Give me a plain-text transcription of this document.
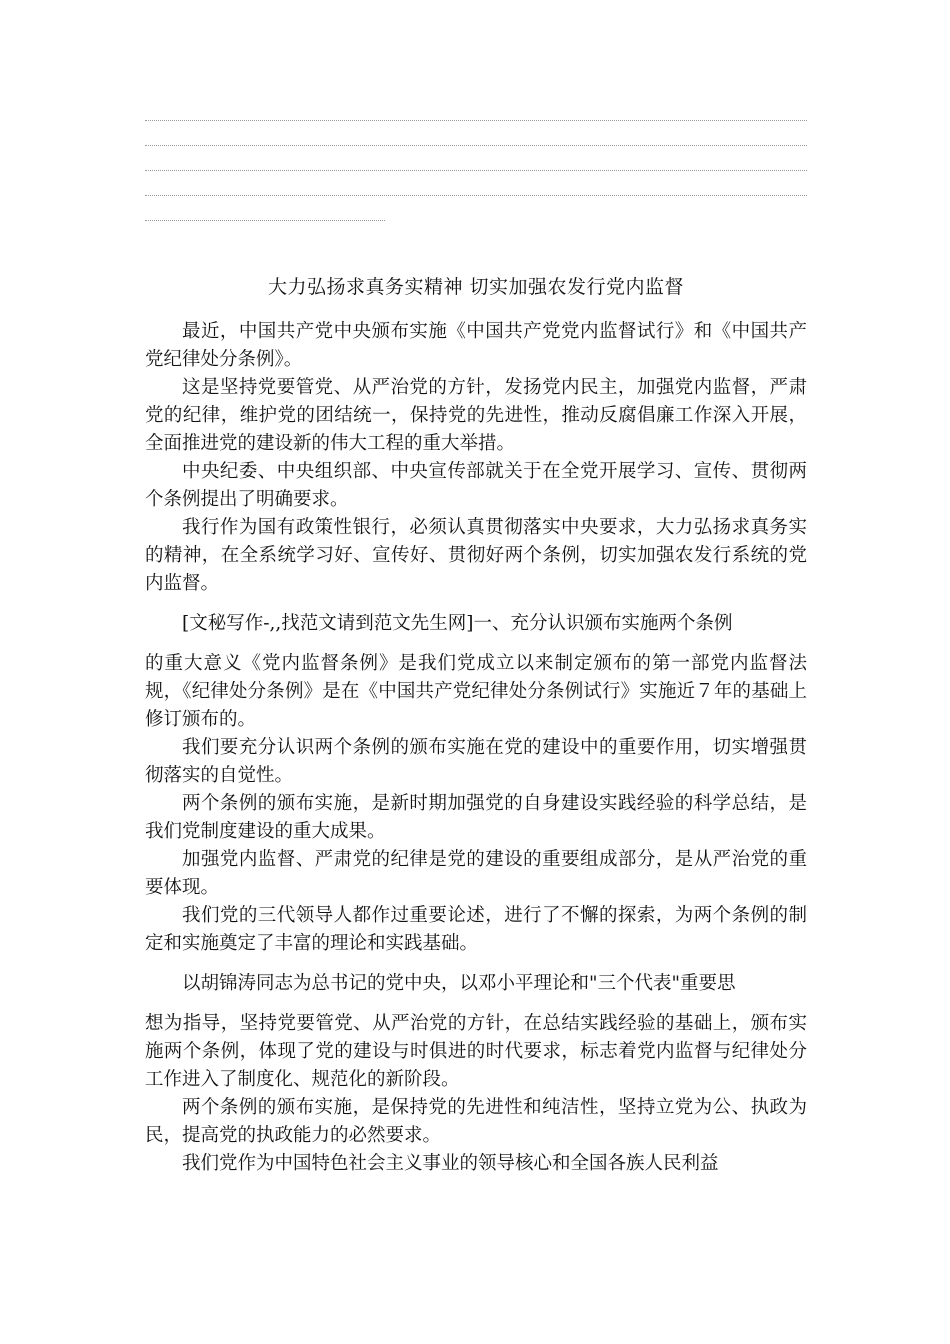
大力弘扬求真务实精神 切实加强农发行党内监督

最近，中国共产党中央颁布实施《中国共产党党内监督试行》和《中国共产党纪律处分条例》。

这是坚持党要管党、从严治党的方针，发扬党内民主，加强党内监督，严肃党的纪律，维护党的团结统一，保持党的先进性，推动反腐倡廉工作深入开展，全面推进党的建设新的伟大工程的重大举措。

中央纪委、中央组织部、中央宣传部就关于在全党开展学习、宣传、贯彻两个条例提出了明确要求。

我行作为国有政策性银行，必须认真贯彻落实中央要求，大力弘扬求真务实的精神，在全系统学习好、宣传好、贯彻好两个条例，切实加强农发行系统的党内监督。

[文秘写作-,,找范文请到范文先生网]一、充分认识颁布实施两个条例

的重大意义《党内监督条例》是我们党成立以来制定颁布的第一部党内监督法规，《纪律处分条例》是在《中国共产党纪律处分条例试行》实施近７年的基础上修订颁布的。

我们要充分认识两个条例的颁布实施在党的建设中的重要作用，切实增强贯彻落实的自觉性。

两个条例的颁布实施，是新时期加强党的自身建设实践经验的科学总结，是我们党制度建设的重大成果。

加强党内监督、严肃党的纪律是党的建设的重要组成部分，是从严治党的重要体现。

我们党的三代领导人都作过重要论述，进行了不懈的探索，为两个条例的制定和实施奠定了丰富的理论和实践基础。

以胡锦涛同志为总书记的党中央，以邓小平理论和"三个代表"重要思

想为指导，坚持党要管党、从严治党的方针，在总结实践经验的基础上，颁布实施两个条例，体现了党的建设与时俱进的时代要求，标志着党内监督与纪律处分工作进入了制度化、规范化的新阶段。

两个条例的颁布实施，是保持党的先进性和纯洁性，坚持立党为公、执政为民，提高党的执政能力的必然要求。

我们党作为中国特色社会主义事业的领导核心和全国各族人民利益
